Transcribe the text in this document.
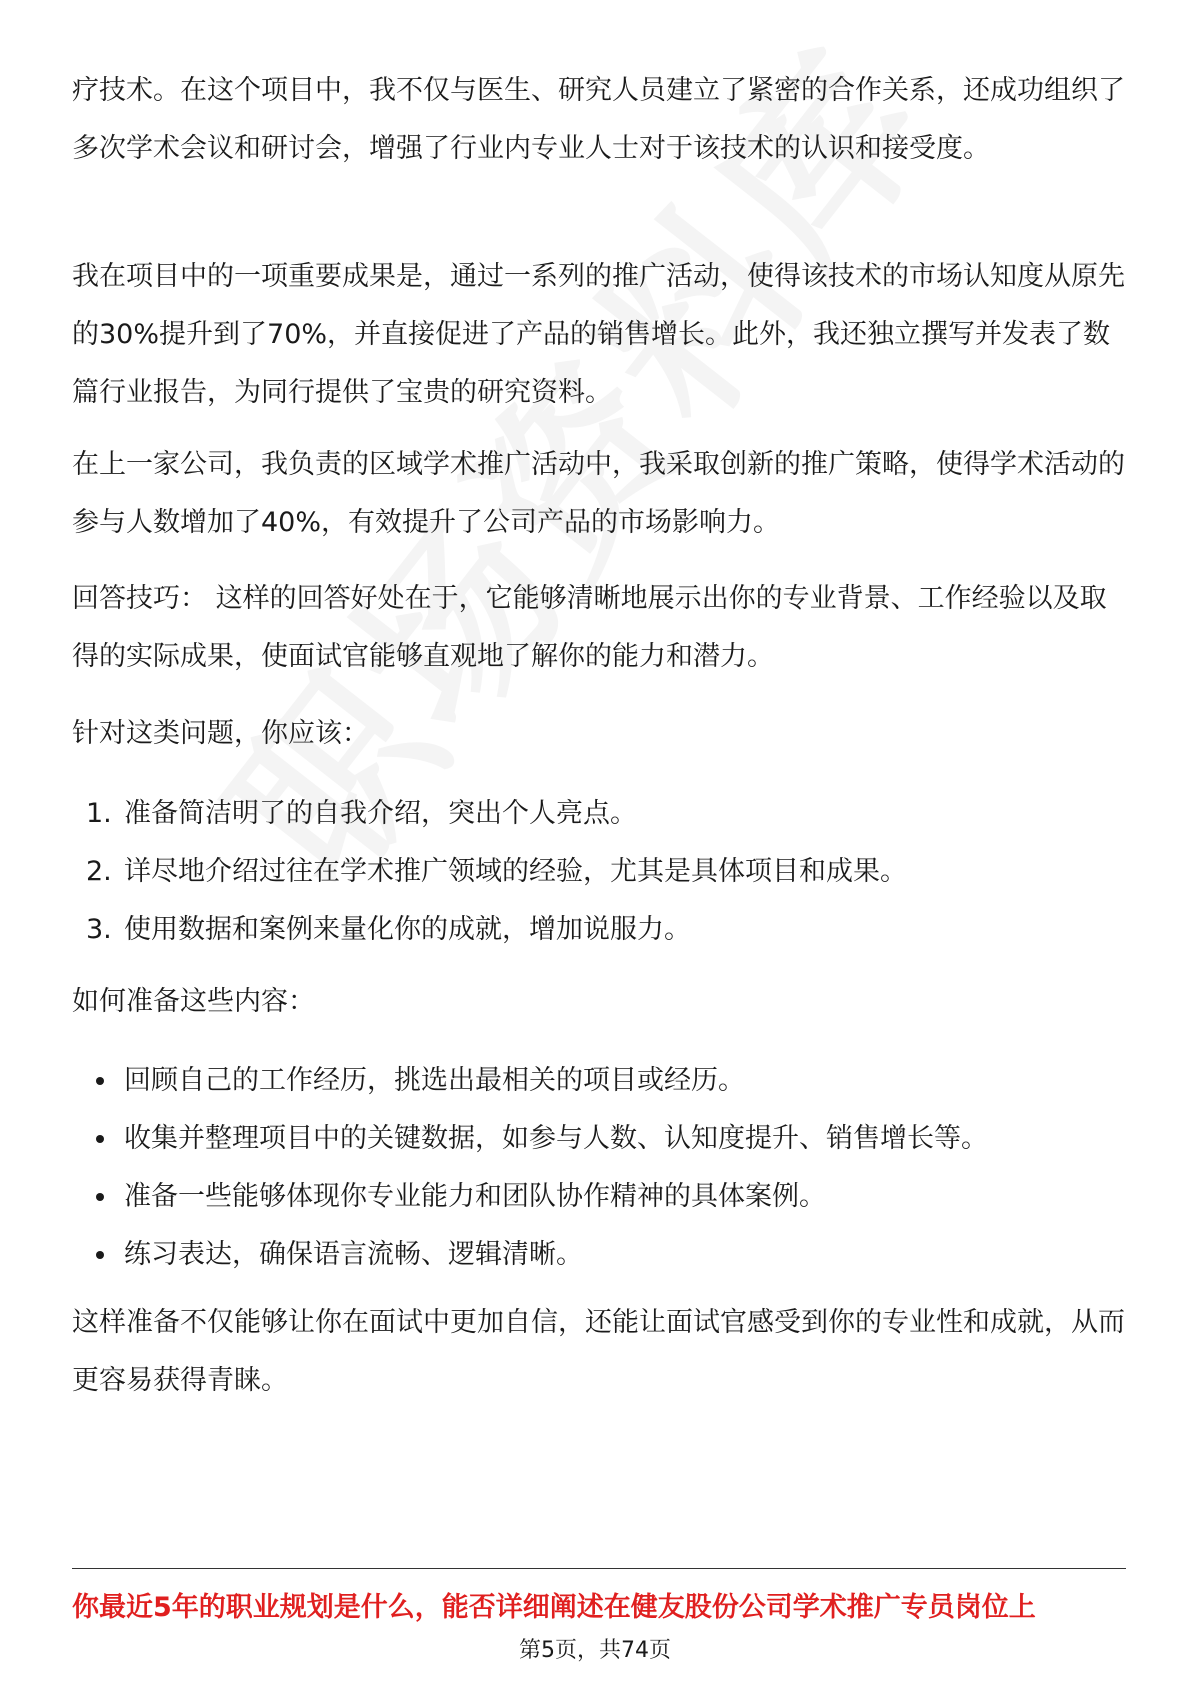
疗技术。在这个项目中，我不仅与医生、研究人员建立了紧密的合作关系，还成功组织了多次学术会议和研讨会，增强了行业内专业人士对于该技术的认识和接受度。

我在项目中的一项重要成果是，通过一系列的推广活动，使得该技术的市场认知度从原先的30%提升到了70%，并直接促进了产品的销售增长。此外，我还独立撰写并发表了数篇行业报告，为同行提供了宝贵的研究资料。

在上一家公司，我负责的区域学术推广活动中，我采取创新的推广策略，使得学术活动的参与人数增加了40%，有效提升了公司产品的市场影响力。

回答技巧： 这样的回答好处在于，它能够清晰地展示出你的专业背景、工作经验以及取得的实际成果，使面试官能够直观地了解你的能力和潜力。

针对这类问题，你应该：

1. 准备简洁明了的自我介绍，突出个人亮点。
2. 详尽地介绍过往在学术推广领域的经验，尤其是具体项目和成果。
3. 使用数据和案例来量化你的成就，增加说服力。

如何准备这些内容：

回顾自己的工作经历，挑选出最相关的项目或经历。
收集并整理项目中的关键数据，如参与人数、认知度提升、销售增长等。
准备一些能够体现你专业能力和团队协作精神的具体案例。
练习表达，确保语言流畅、逻辑清晰。

这样准备不仅能够让你在面试中更加自信，还能让面试官感受到你的专业性和成就，从而更容易获得青睐。

你最近5年的职业规划是什么，能否详细阐述在健友股份公司学术推广专员岗位上
第5页，共74页
